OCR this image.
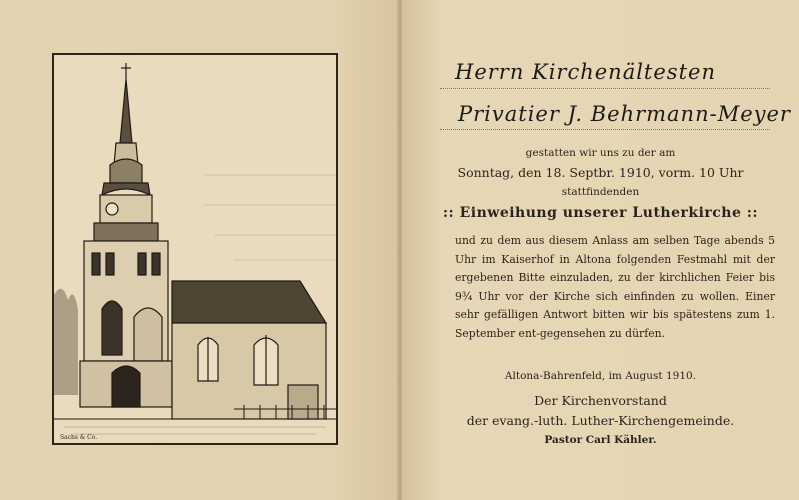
Sachs & Co.
Herrn Kirchenältesten
Privatier J. Behrmann-Meyer
gestatten wir uns zu der am
Sonntag, den 18. Septbr. 1910, vorm. 10 Uhr
stattfindenden
:: Einweihung unserer Lutherkirche ::
und zu dem aus diesem Anlass am selben Tage abends 5 Uhr im Kaiserhof in Altona folgenden Festmahl mit der ergebenen Bitte einzuladen, zu der kirchlichen Feier bis 9¾ Uhr vor der Kirche sich einfinden zu wollen. Einer sehr gefälligen Antwort bitten wir bis spätestens zum 1. September ent-gegensehen zu dürfen.
Altona-Bahrenfeld, im August 1910.
Der Kirchenvorstand
der evang.-luth. Luther-Kirchengemeinde.
Pastor Carl Kähler.
